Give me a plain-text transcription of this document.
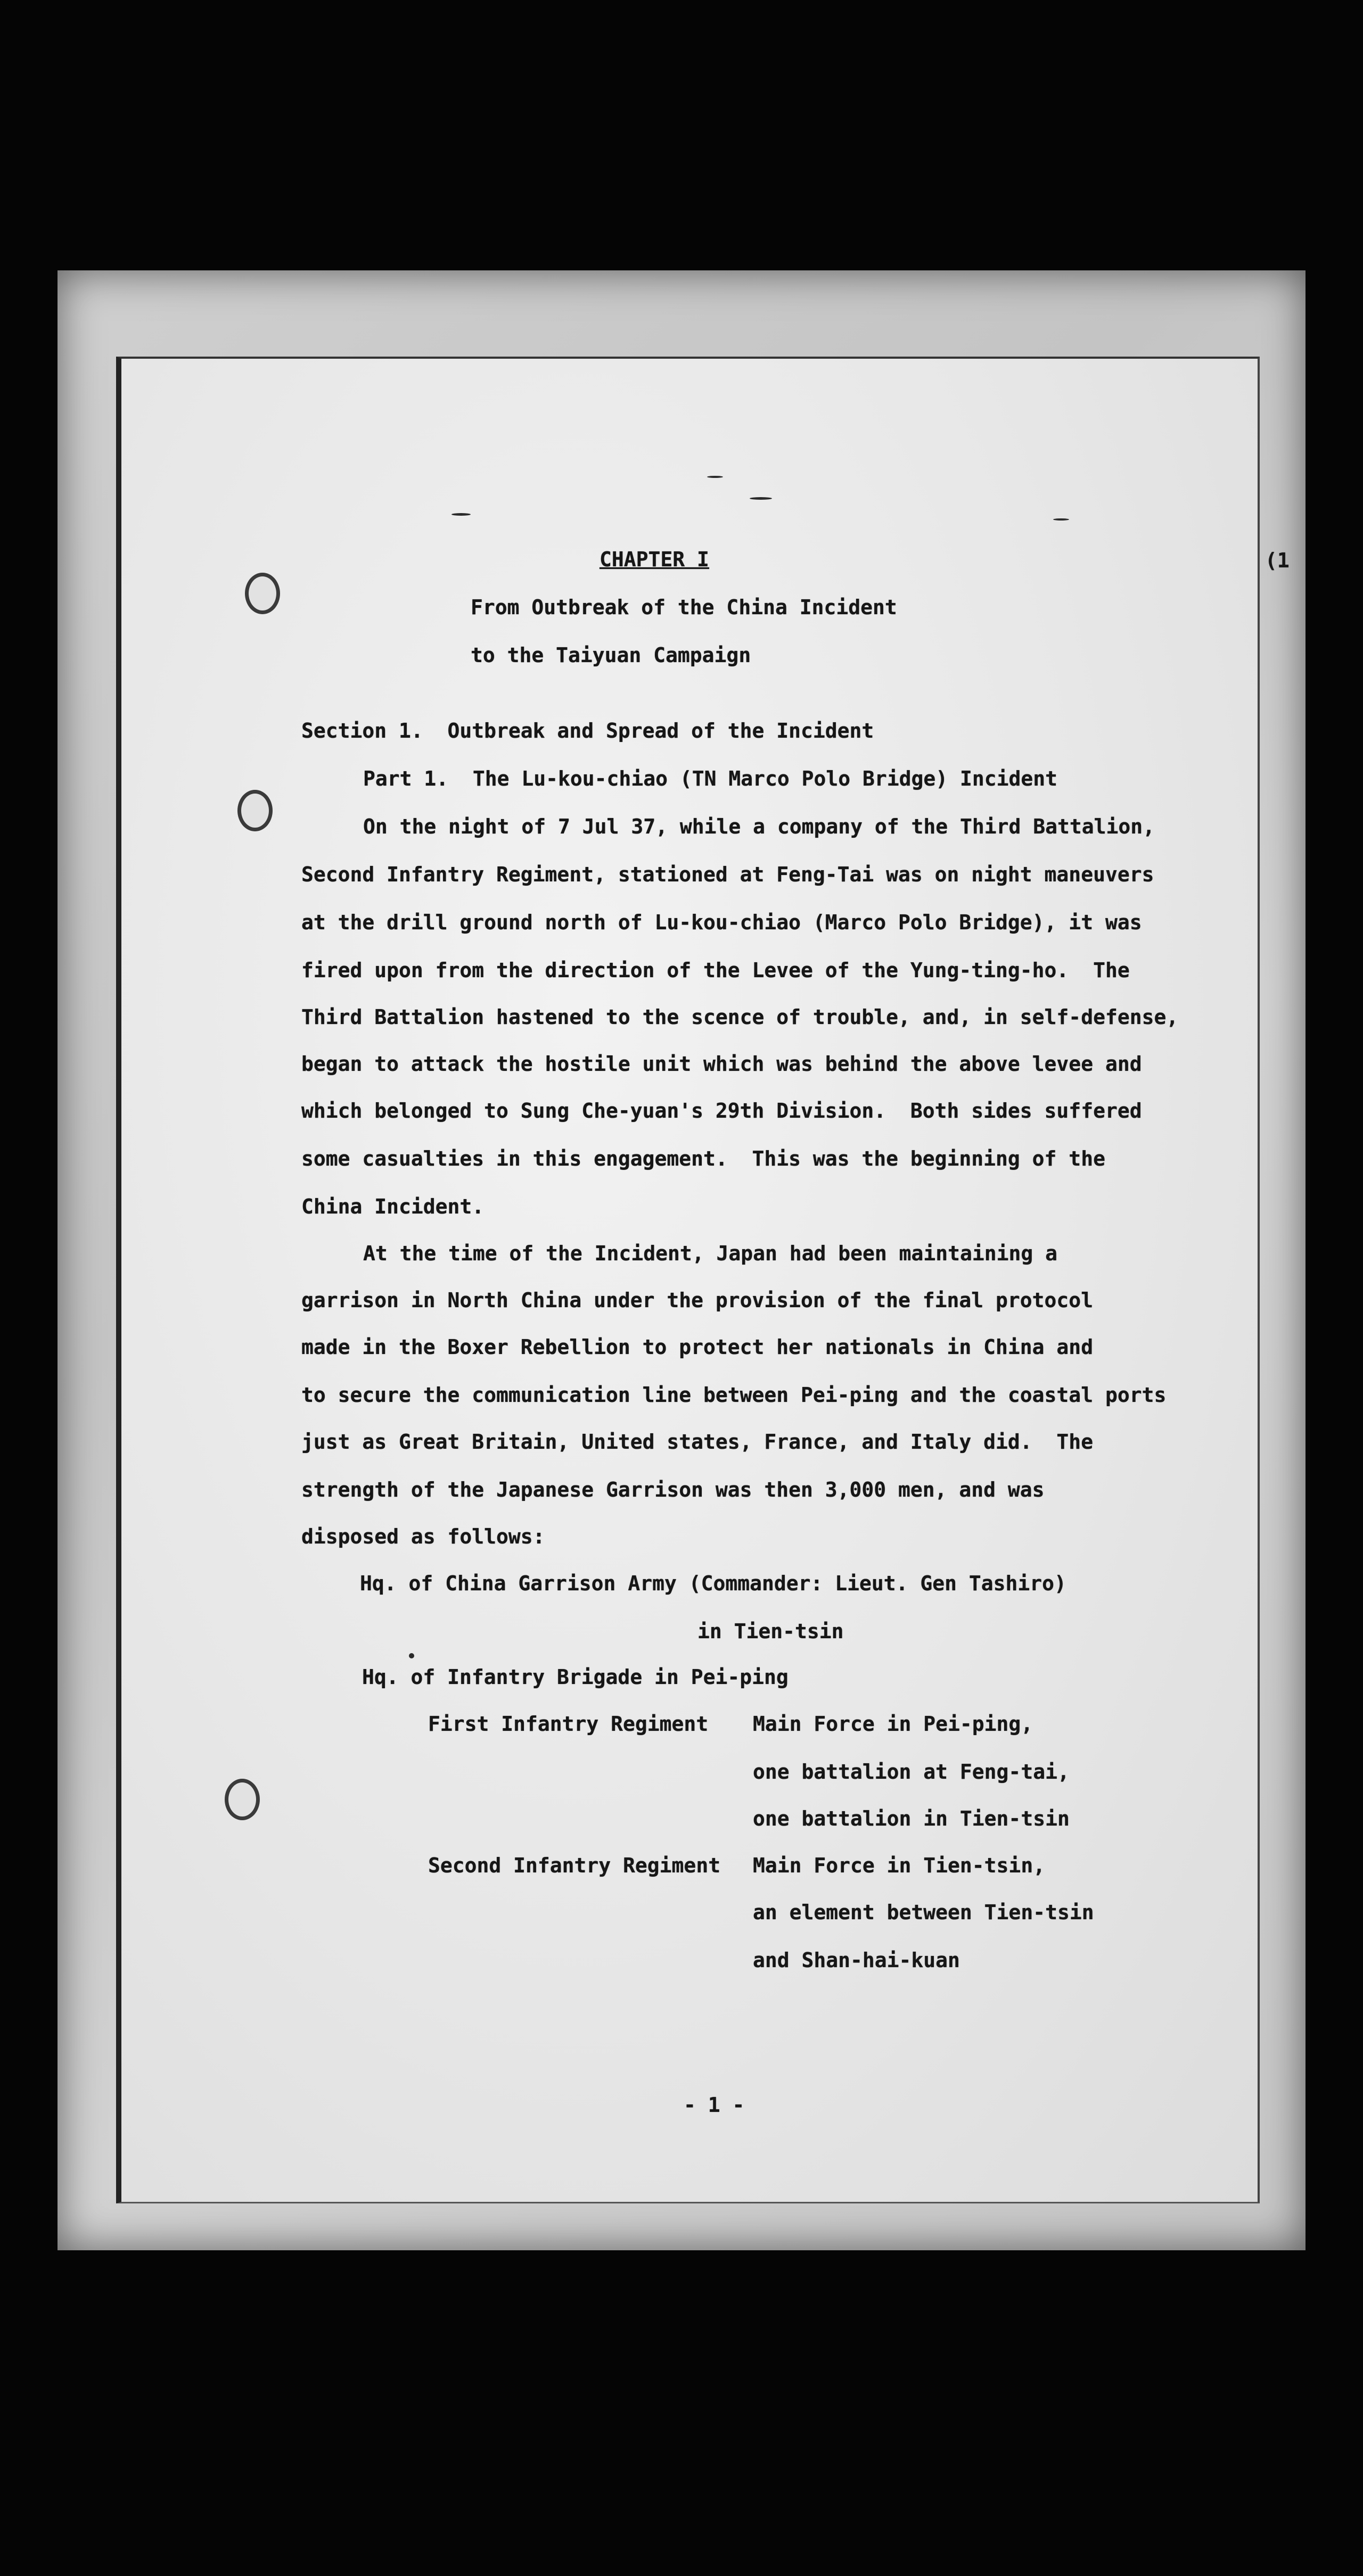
(1
CHAPTER I
From Outbreak of the China Incident
to the Taiyuan Campaign
Section 1.  Outbreak and Spread of the Incident
Part 1.  The Lu-kou-chiao (TN Marco Polo Bridge) Incident
On the night of 7 Jul 37, while a company of the Third Battalion,
Second Infantry Regiment, stationed at Feng-Tai was on night maneuvers
at the drill ground north of Lu-kou-chiao (Marco Polo Bridge), it was
fired upon from the direction of the Levee of the Yung-ting-ho.  The
Third Battalion hastened to the scence of trouble, and, in self-defense,
began to attack the hostile unit which was behind the above levee and
which belonged to Sung Che-yuan's 29th Division.  Both sides suffered
some casualties in this engagement.  This was the beginning of the
China Incident.
At the time of the Incident, Japan had been maintaining a
garrison in North China under the provision of the final protocol
made in the Boxer Rebellion to protect her nationals in China and
to secure the communication line between Pei-ping and the coastal ports
just as Great Britain, United states, France, and Italy did.  The
strength of the Japanese Garrison was then 3,000 men, and was
disposed as follows:
Hq. of China Garrison Army (Commander: Lieut. Gen Tashiro)
in Tien-tsin
Hq. of Infantry Brigade in Pei-ping
First Infantry Regiment Main Force in Pei-ping,
one battalion at Feng-tai,
one battalion in Tien-tsin
Second Infantry Regiment Main Force in Tien-tsin,
an element between Tien-tsin
and Shan-hai-kuan
- 1 -
